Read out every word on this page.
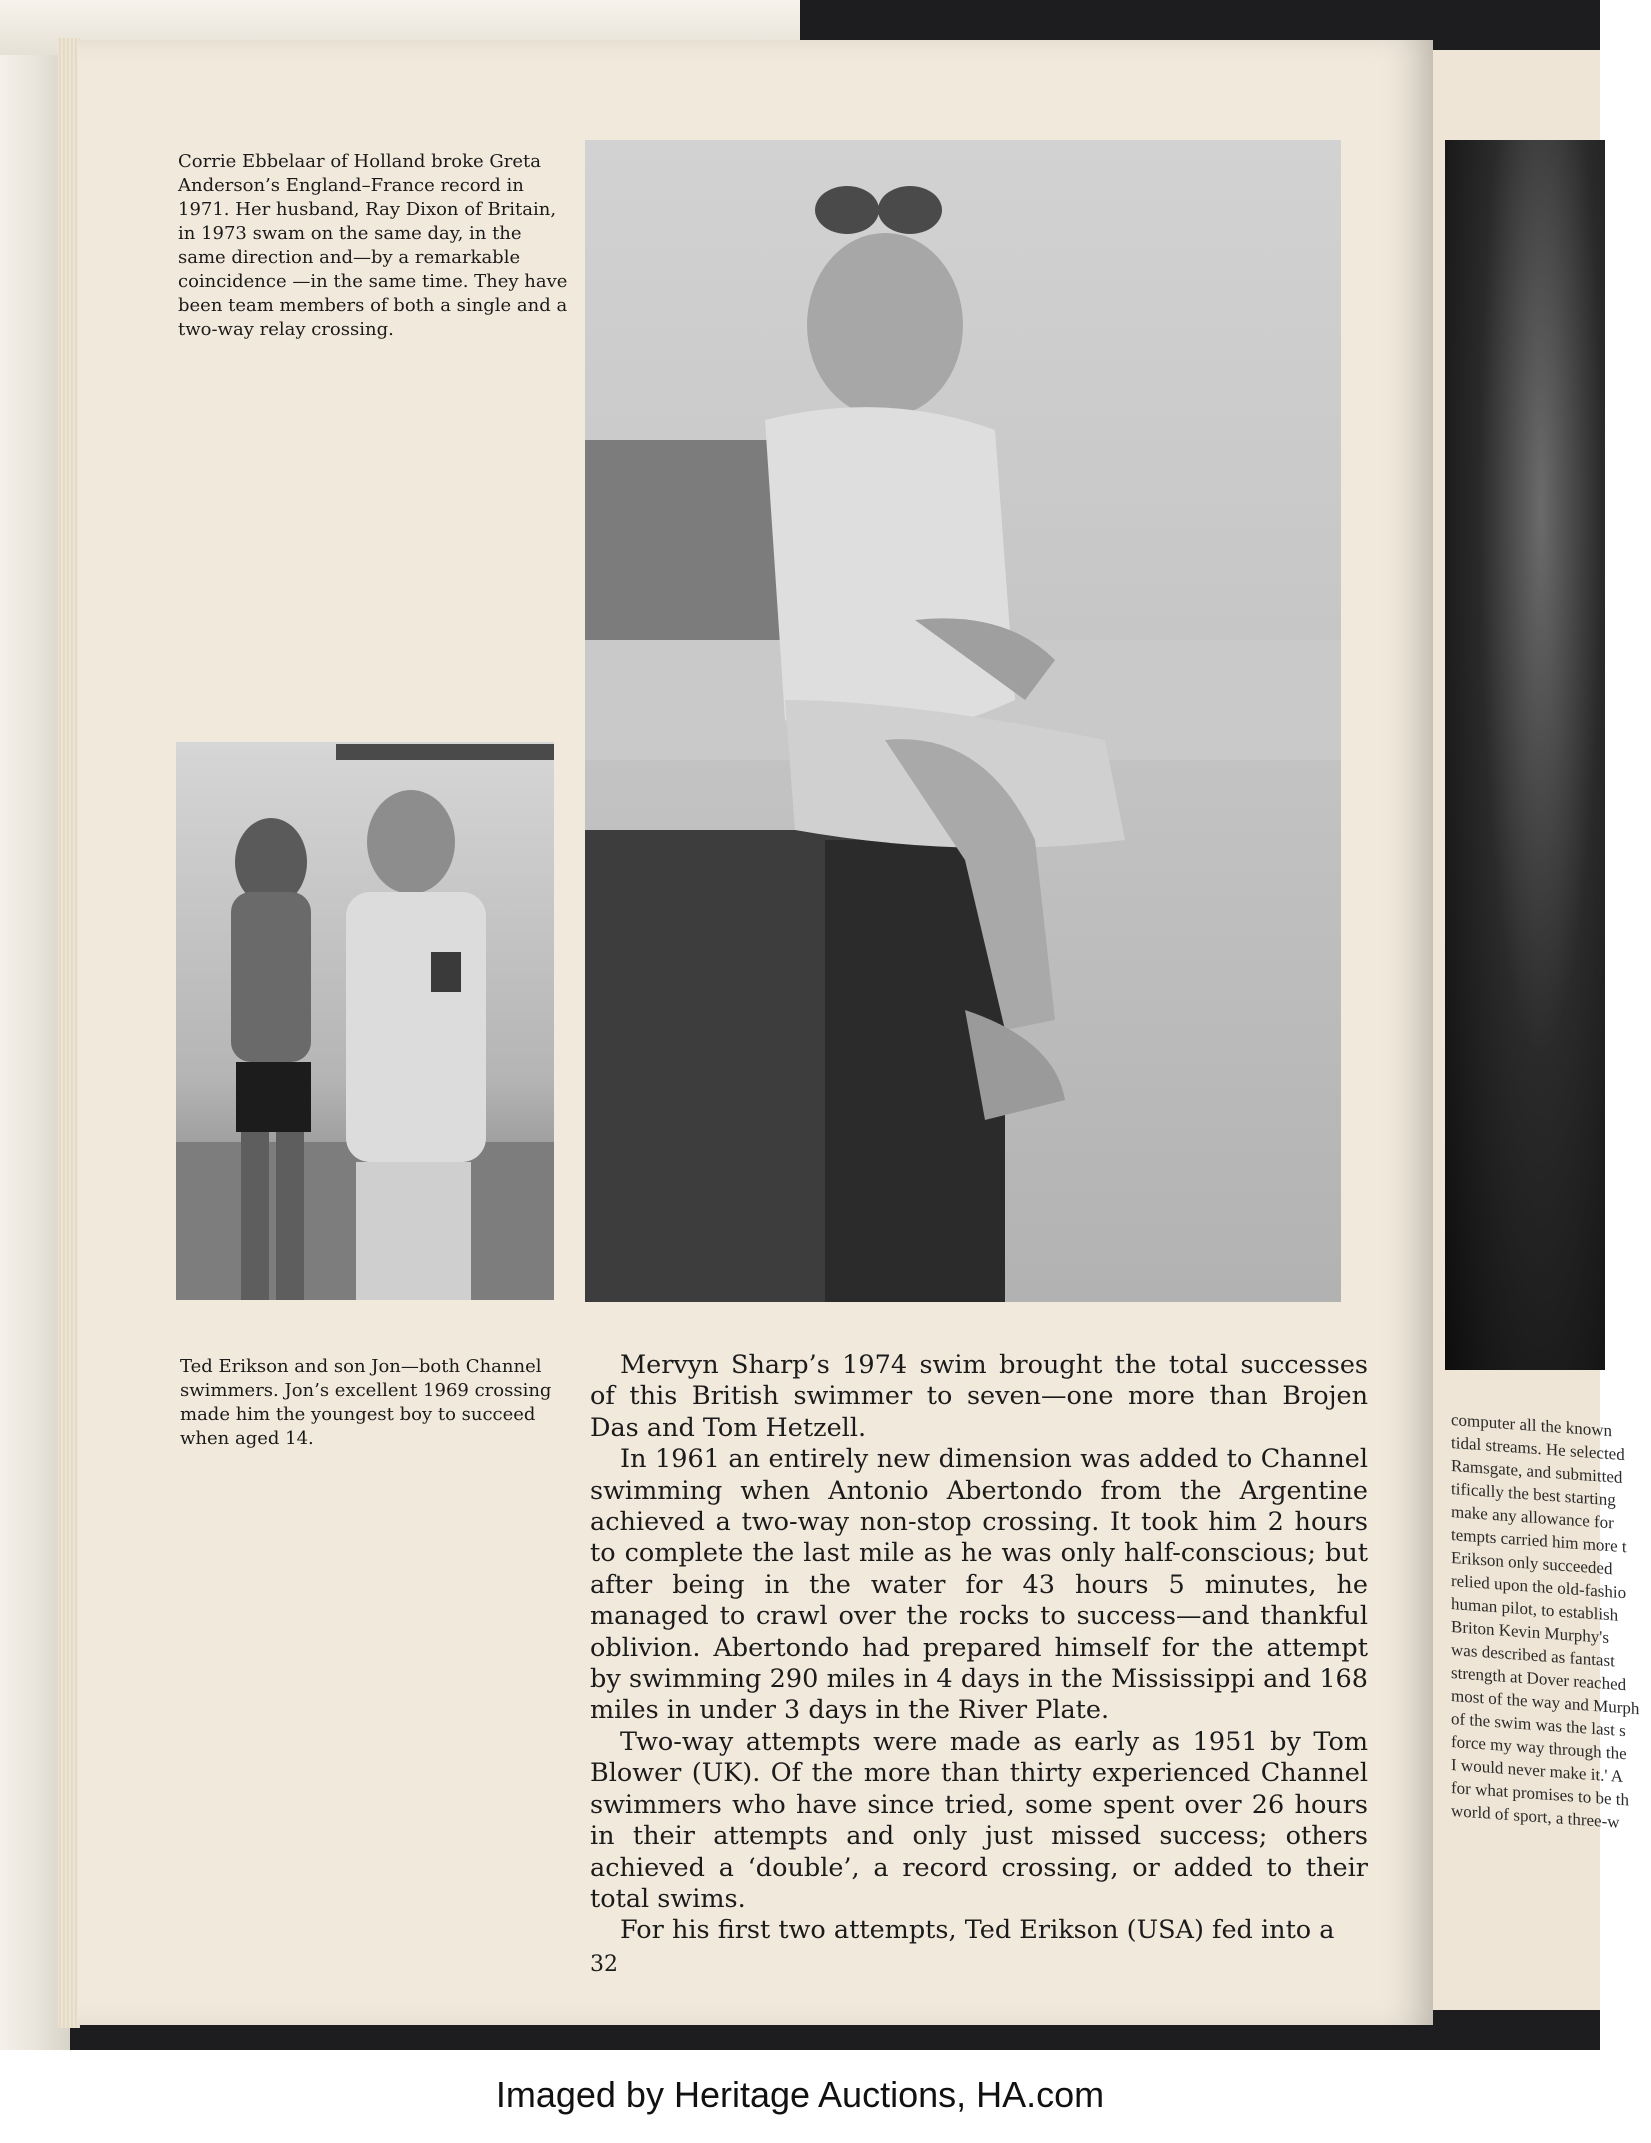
computer all the known
tidal streams. He selected
Ramsgate, and submitted
tifically the best starting
make any allowance for
tempts carried him more t
Erikson only succeeded
relied upon the old-fashio
human pilot, to establish
Briton Kevin Murphy's
was described as fantast
strength at Dover reached
most of the way and Murph
of the swim was the last s
force my way through the
I would never make it.' A
for what promises to be th
world of sport, a three-w
Corrie Ebbelaar of Holland broke Greta Anderson’s England–France record in 1971. Her husband, Ray Dixon of Britain, in 1973 swam on the same day, in the same direction and—by a remarkable coincidence —in the same time. They have been team members of both a single and a two-way relay crossing.
Ted Erikson and son Jon—both Channel swimmers. Jon’s excellent 1969 crossing made him the youngest boy to succeed when aged 14.

Mervyn Sharp’s 1974 swim brought the total successes of this British swimmer to seven—one more than Brojen Das and Tom Hetzell.

In 1961 an entirely new dimension was added to Channel swimming when Antonio Abertondo from the Argentine achieved a two-way non-stop crossing. It took him 2 hours to complete the last mile as he was only half-conscious; but after being in the water for 43 hours 5 minutes, he managed to crawl over the rocks to success—and thankful oblivion. Abertondo had prepared himself for the attempt by swimming 290 miles in 4 days in the Mississippi and 168 miles in under 3 days in the River Plate.

Two-way attempts were made as early as 1951 by Tom Blower (UK). Of the more than thirty experienced Channel swimmers who have since tried, some spent over 26 hours in their attempts and only just missed success; others achieved a ‘double’, a record crossing, or added to their total swims.

For his first two attempts, Ted Erikson (USA) fed into a

32
Imaged by Heritage Auctions, HA.com
